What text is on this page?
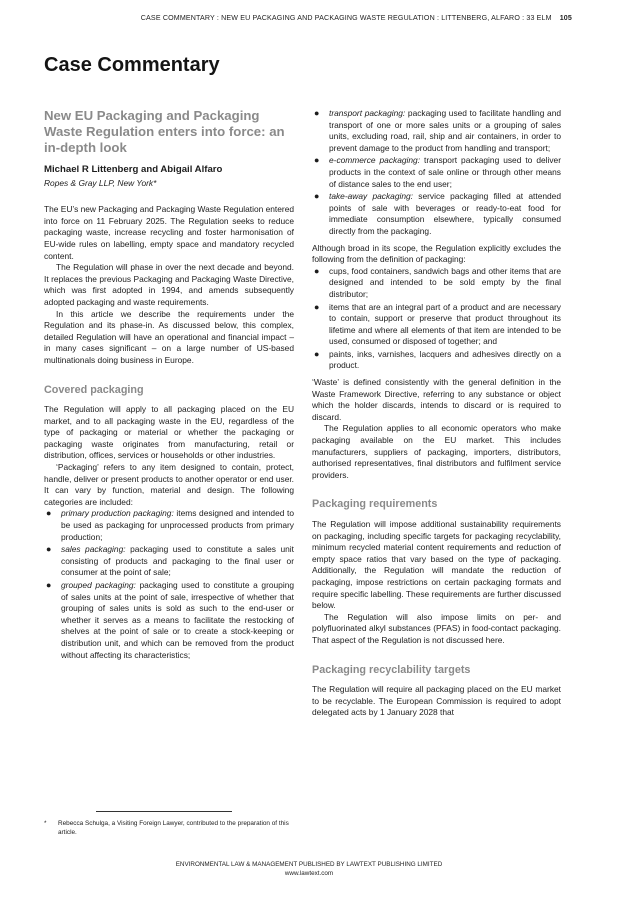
CASE COMMENTARY : NEW EU PACKAGING AND PACKAGING WASTE REGULATION : LITTENBERG, ALFARO : 33 ELM 105
Case Commentary
New EU Packaging and Packaging Waste Regulation enters into force: an in-depth look

Michael R Littenberg and Abigail Alfaro

Ropes & Gray LLP, New York*

The EU’s new Packaging and Packaging Waste Regulation entered into force on 11 February 2025. The Regulation seeks to reduce packaging waste, increase recycling and foster harmonisation of EU-wide rules on labelling, empty space and mandatory recycled content.

The Regulation will phase in over the next decade and beyond. It replaces the previous Packaging and Packaging Waste Directive, which was first adopted in 1994, and amends subsequently adopted packaging and waste requirements.

In this article we describe the requirements under the Regulation and its phase-in. As discussed below, this complex, detailed Regulation will have an operational and financial impact – in many cases significant – on a large number of US-based multinationals doing business in Europe.

Covered packaging

The Regulation will apply to all packaging placed on the EU market, and to all packaging waste in the EU, regardless of the type of packaging or material or whether the packaging or packaging waste originates from manufacturing, retail or distribution, offices, services or households or other industries.

‘Packaging’ refers to any item designed to contain, protect, handle, deliver or present products to another operator or end user. It can vary by function, material and design. The following categories are included:

● primary production packaging: items designed and intended to be used as packaging for unprocessed products from primary production;
● sales packaging: packaging used to constitute a sales unit consisting of products and packaging to the final user or consumer at the point of sale;
● grouped packaging: packaging used to constitute a grouping of sales units at the point of sale, irrespective of whether that grouping of sales units is sold as such to the end-user or whether it serves as a means to facilitate the restocking of shelves at the point of sale or to create a stock-keeping or distribution unit, and which can be removed from the product without affecting its characteristics;
● transport packaging: packaging used to facilitate handling and transport of one or more sales units or a grouping of sales units, excluding road, rail, ship and air containers, in order to prevent damage to the product from handling and transport;
● e-commerce packaging: transport packaging used to deliver products in the context of sale online or through other means of distance sales to the end user;
● take-away packaging: service packaging filled at attended points of sale with beverages or ready-to-eat food for immediate consumption elsewhere, typically consumed directly from the packaging.

Although broad in its scope, the Regulation explicitly excludes the following from the definition of packaging:

● cups, food containers, sandwich bags and other items that are designed and intended to be sold empty by the final distributor;
● items that are an integral part of a product and are necessary to contain, support or preserve that product throughout its lifetime and where all elements of that item are intended to be used, consumed or disposed of together; and
● paints, inks, varnishes, lacquers and adhesives directly on a product.

‘Waste’ is defined consistently with the general definition in the Waste Framework Directive, referring to any substance or object which the holder discards, intends to discard or is required to discard.

The Regulation applies to all economic operators who make packaging available on the EU market. This includes manufacturers, suppliers of packaging, importers, distributors, authorised representatives, final distributors and fulfilment service providers.

Packaging requirements

The Regulation will impose additional sustainability requirements on packaging, including specific targets for packaging recyclability, minimum recycled material content requirements and reduction of empty space ratios that vary based on the type of packaging. Additionally, the Regulation will mandate the reduction of packaging, impose restrictions on certain packaging formats and require specific labelling. These requirements are further discussed below.

The Regulation will also impose limits on per- and polyfluorinated alkyl substances (PFAS) in food-contact packaging. That aspect of the Regulation is not discussed here.

Packaging recyclability targets

The Regulation will require all packaging placed on the EU market to be recyclable. The European Commission is required to adopt delegated acts by 1 January 2028 that

*	Rebecca Schulga, a Visiting Foreign Lawyer, contributed to the preparation of this article.
ENVIRONMENTAL LAW & MANAGEMENT PUBLISHED BY LAWTEXT PUBLISHING LIMITED
www.lawtext.com
